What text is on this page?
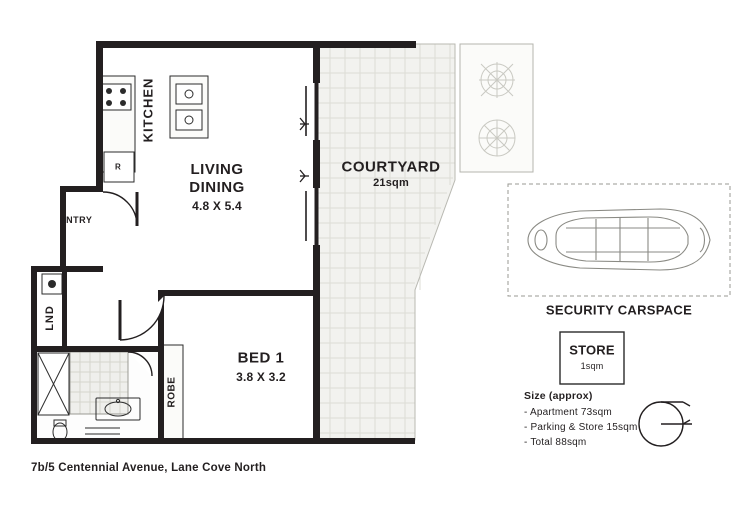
KITCHEN
LIVING
DINING
4.8 X 5.4
COURTYARD
21sqm
BED 1
3.8 X 3.2
ENTRY
LND
ROBE
R
SECURITY CARSPACE
STORE
1sqm
Size (approx)
- Apartment 73sqm
- Parking & Store 15sqm
- Total 88sqm
7b/5 Centennial Avenue, Lane Cove North
